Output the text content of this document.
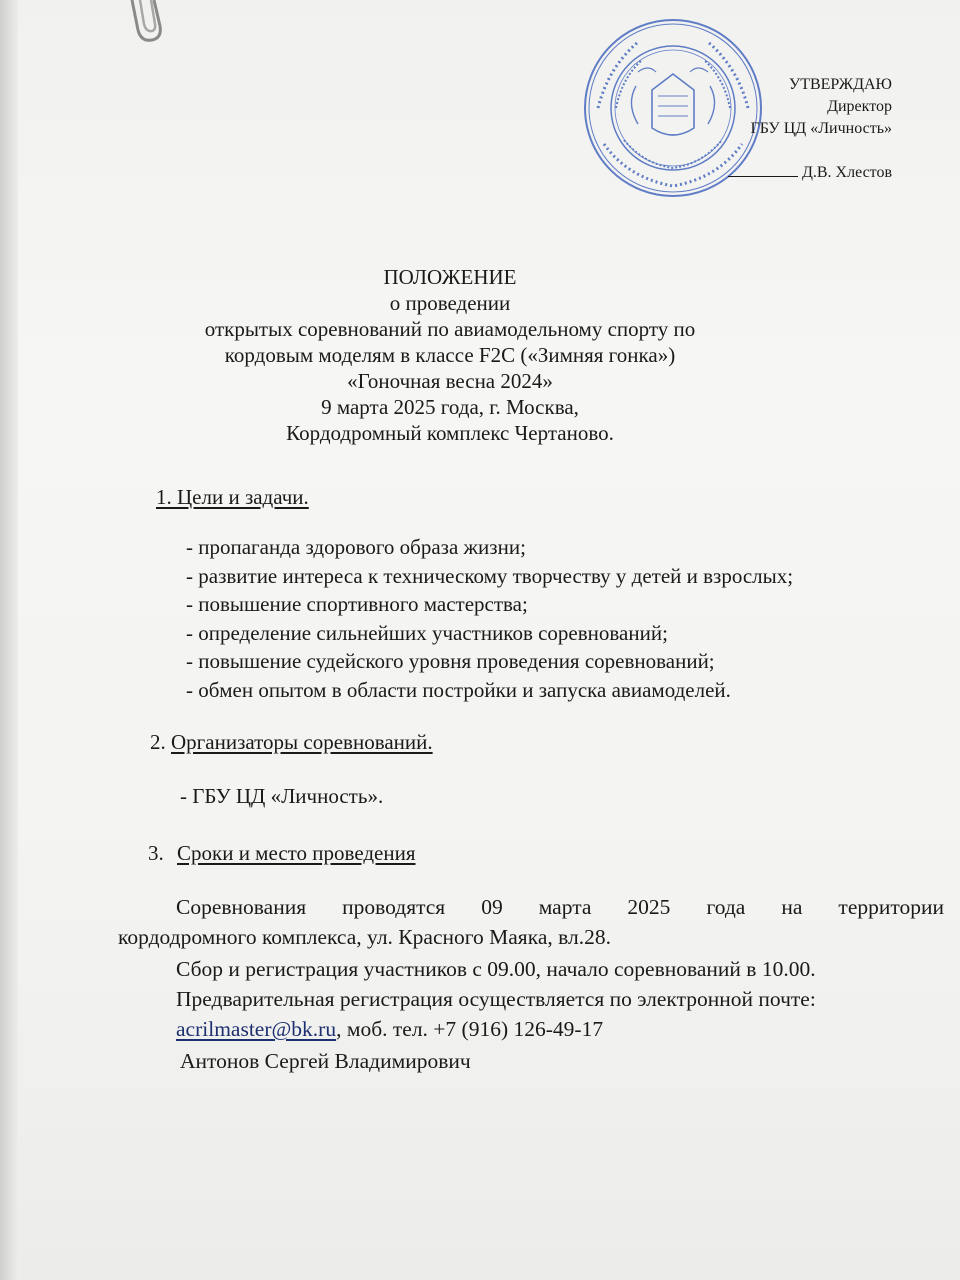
УТВЕРЖДАЮ
Директор
ГБУ ЦД «Личность»
Д.В. Хлестов
ПОЛОЖЕНИЕ
о проведении
открытых соревнований по авиамодельному спорту по
кордовым моделям в классе F2C («Зимняя гонка»)
«Гоночная весна 2024»
9 марта 2025 года, г. Москва,
Кордодромный комплекс Чертаново.
1. Цели и задачи.
- пропаганда здорового образа жизни;
- развитие интереса к техническому творчеству у детей и взрослых;
- повышение спортивного мастерства;
- определение сильнейших участников соревнований;
- повышение судейского уровня проведения соревнований;
- обмен опытом в области постройки и запуска авиамоделей.
2. Организаторы соревнований.
- ГБУ ЦД «Личность».
3. Сроки и место проведения
Соревнования проводятся 09 марта 2025 года на территории
кордодромного комплекса, ул. Красного Маяка, вл.28.
Сбор и регистрация участников с 09.00, начало соревнований в 10.00.
Предварительная регистрация осуществляется по электронной почте:
acrilmaster@bk.ru, моб. тел. +7 (916) 126-49-17
Антонов Сергей Владимирович
